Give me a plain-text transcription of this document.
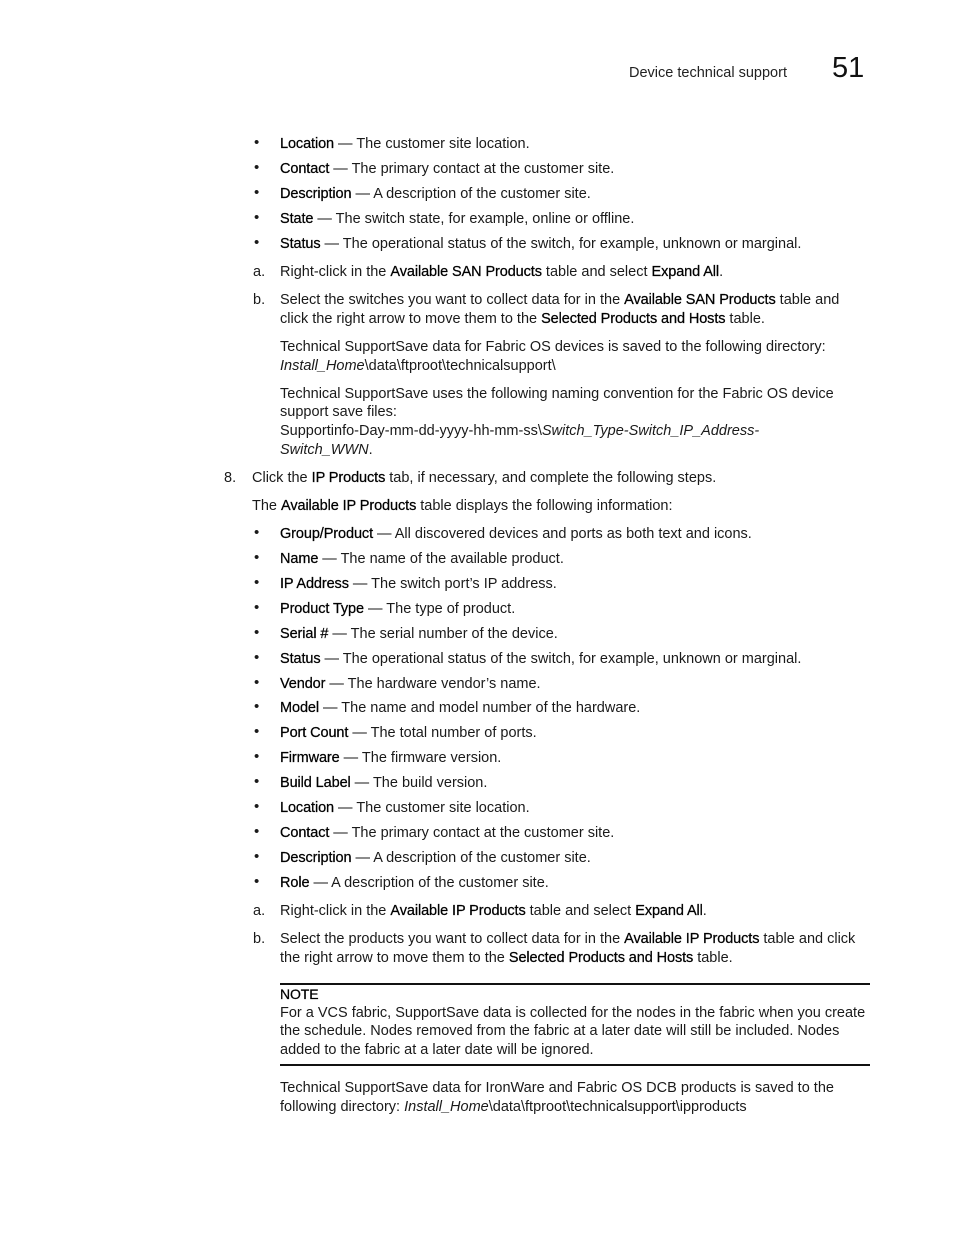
Device technical support 51
• Location — The customer site location.
• Contact — The primary contact at the customer site.
• Description — A description of the customer site.
• State — The switch state, for example, online or offline.
• Status — The operational status of the switch, for example, unknown or marginal.
a. Right-click in the Available SAN Products table and select Expand All.
b. Select the switches you want to collect data for in the Available SAN Products table and
click the right arrow to move them to the Selected Products and Hosts table.
Technical SupportSave data for Fabric OS devices is saved to the following directory:
Install_Home\data\ftproot\technicalsupport\
Technical SupportSave uses the following naming convention for the Fabric OS device
support save files:
Supportinfo-Day-mm-dd-yyyy-hh-mm-ss\Switch_Type-Switch_IP_Address-
Switch_WWN.
8. Click the IP Products tab, if necessary, and complete the following steps.
The Available IP Products table displays the following information:
• Group/Product — All discovered devices and ports as both text and icons.
• Name — The name of the available product.
• IP Address — The switch port’s IP address.
• Product Type — The type of product.
• Serial # — The serial number of the device.
• Status — The operational status of the switch, for example, unknown or marginal.
• Vendor — The hardware vendor’s name.
• Model — The name and model number of the hardware.
• Port Count — The total number of ports.
• Firmware — The firmware version.
• Build Label — The build version.
• Location — The customer site location.
• Contact — The primary contact at the customer site.
• Description — A description of the customer site.
• Role — A description of the customer site.
a. Right-click in the Available IP Products table and select Expand All.
b. Select the products you want to collect data for in the Available IP Products table and click
the right arrow to move them to the Selected Products and Hosts table.
NOTE
For a VCS fabric, SupportSave data is collected for the nodes in the fabric when you create
the schedule. Nodes removed from the fabric at a later date will still be included. Nodes
added to the fabric at a later date will be ignored.
Technical SupportSave data for IronWare and Fabric OS DCB products is saved to the
following directory: Install_Home\data\ftproot\technicalsupport\ipproducts
